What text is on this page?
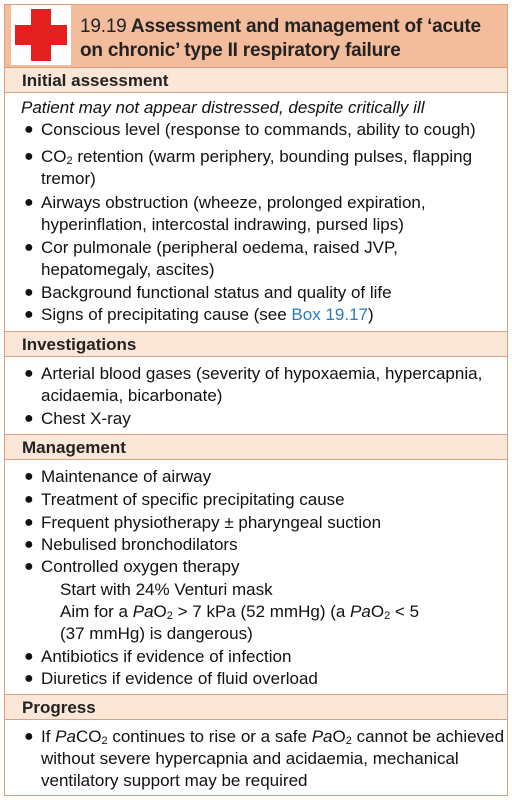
19.19 Assessment and management of ‘acute on chronic’ type II respiratory failure
Initial assessment
Patient may not appear distressed, despite critically ill
● Conscious level (response to commands, ability to cough)
● $CO_2$ retention (warm periphery, bounding pulses, flapping
tremor)
● Airways obstruction (wheeze, prolonged expiration,
hyperinflation, intercostal indrawing, pursed lips)
● Cor pulmonale (peripheral oedema, raised JVP,
hepatomegaly, ascites)
● Background functional status and quality of life
● Signs of precipitating cause (see Box 19.17)
Investigations
● Arterial blood gases (severity of hypoxaemia, hypercapnia,
acidaemia, bicarbonate)
● Chest X-ray
Management
● Maintenance of airway
● Treatment of specific precipitating cause
● Frequent physiotherapy ± pharyngeal suction
● Nebulised bronchodilators
● Controlled oxygen therapy
Start with 24% Venturi mask
Aim for a PaO$_2$ > 7 kPa (52 mmHg) (a PaO$_2$ < 5
(37 mmHg) is dangerous)
● Antibiotics if evidence of infection
● Diuretics if evidence of fluid overload
Progress
● If PaCO$_2$ continues to rise or a safe PaO$_2$ cannot be achieved
without severe hypercapnia and acidaemia, mechanical
ventilatory support may be required
